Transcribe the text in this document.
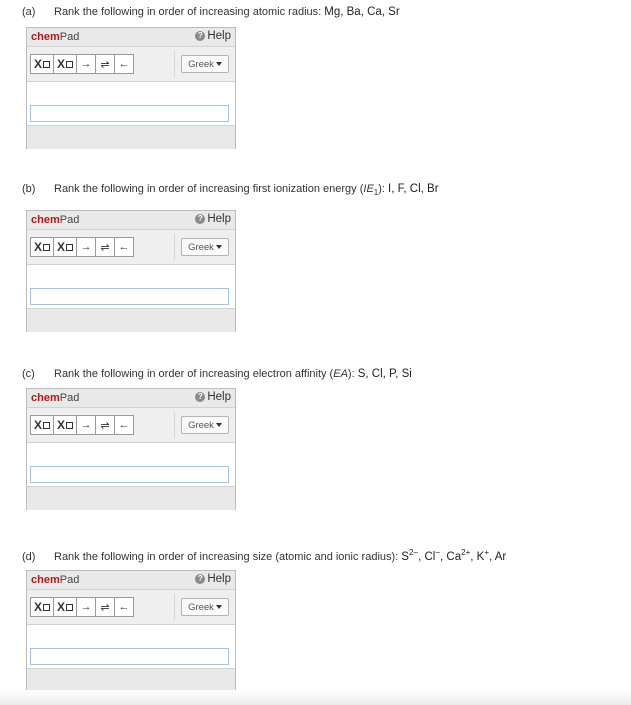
(a) Rank the following in order of increasing atomic radius: Mg, Ba, Ca, Sr
chemPad	? Help
X X → ⇌ ←	Greek
(b) Rank the following in order of increasing first ionization energy $(IE_1)$: I, F, Cl, Br
chemPad	? Help
X X → ⇌ ←	Greek
(c) Rank the following in order of increasing electron affinity (EA): S, Cl, P, Si
chemPad	? Help
X X → ⇌ ←	Greek
(d) Rank the following in order of increasing size (atomic and ionic radius): $S^{2-}$, Cl−, $Ca^{2+}$, K+, Ar
chemPad	? Help
X X → ⇌ ←	Greek
